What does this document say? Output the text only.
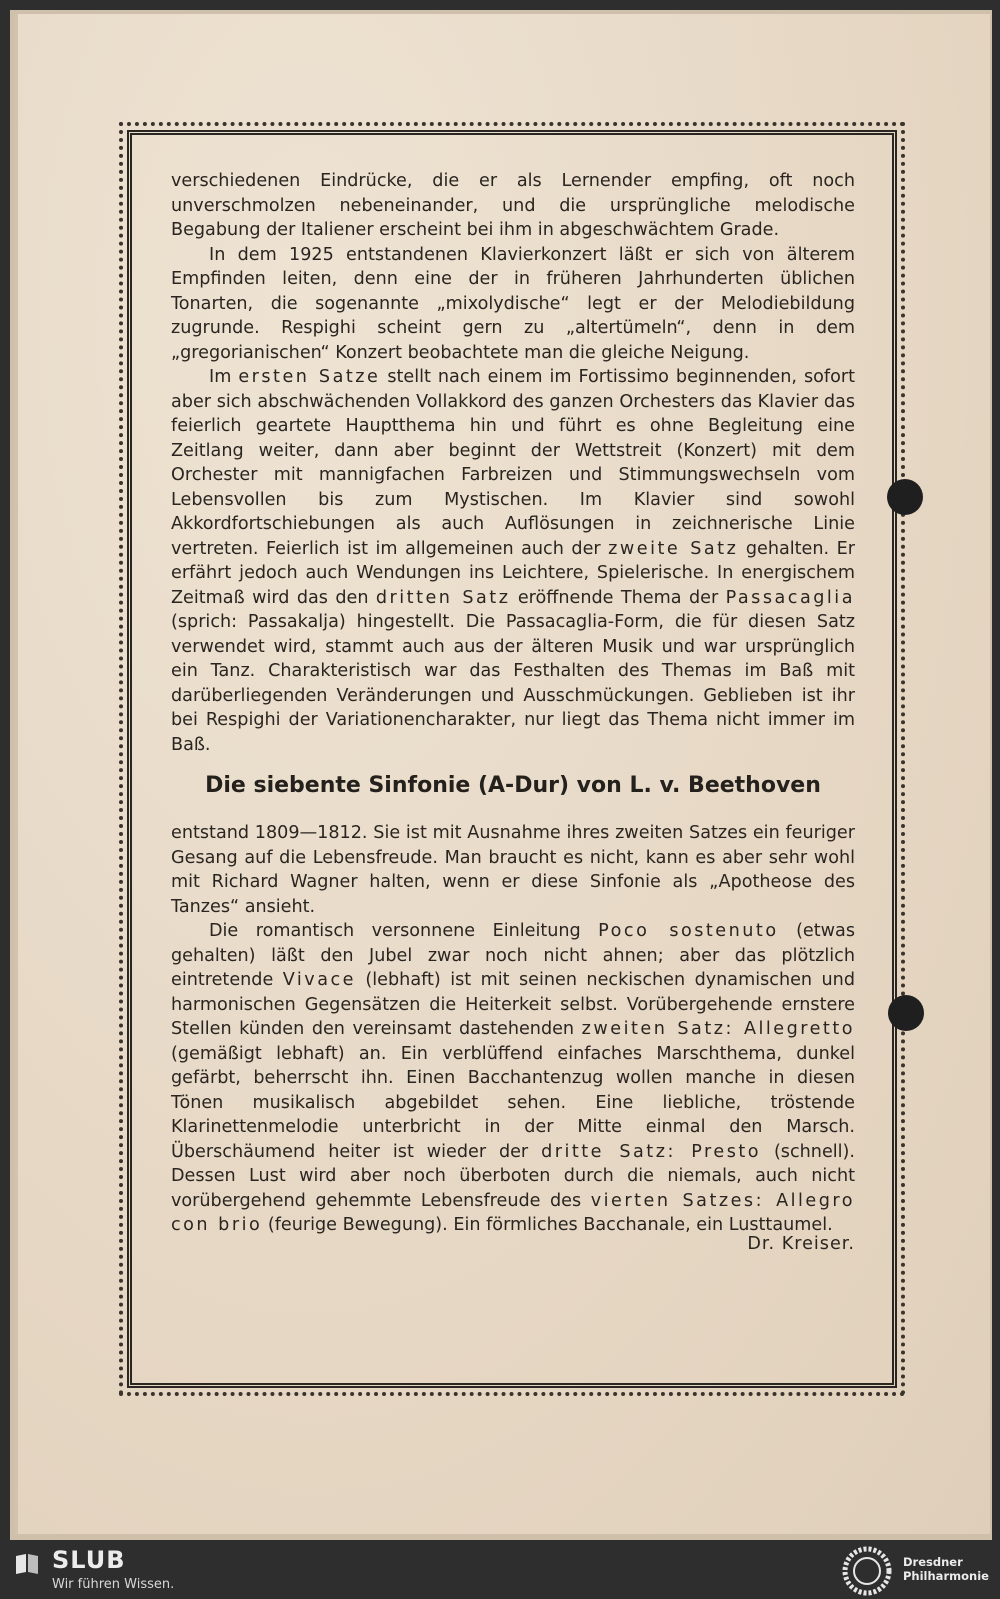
verschiedenen Eindrücke, die er als Lernender empfing, oft noch unverschmolzen nebeneinander, und die ursprüngliche melodische Begabung der Italiener erscheint bei ihm in abgeschwächtem Grade.

In dem 1925 entstandenen Klavierkonzert läßt er sich von älterem Empfinden leiten, denn eine der in früheren Jahrhunderten üblichen Tonarten, die sogenannte „mixolydische“ legt er der Melodiebildung zugrunde. Respighi scheint gern zu „altertümeln“, denn in dem „gregorianischen“ Konzert beobachtete man die gleiche Neigung.

Im ersten Satze stellt nach einem im Fortissimo beginnenden, sofort aber sich abschwächenden Vollakkord des ganzen Orchesters das Klavier das feierlich geartete Hauptthema hin und führt es ohne Begleitung eine Zeitlang weiter, dann aber beginnt der Wettstreit (Konzert) mit dem Orchester mit mannigfachen Farbreizen und Stimmungswechseln vom Lebensvollen bis zum Mystischen. Im Klavier sind sowohl Akkordfortschiebungen als auch Auflösungen in zeichnerische Linie vertreten. Feierlich ist im allgemeinen auch der zweite Satz gehalten. Er erfährt jedoch auch Wendungen ins Leichtere, Spielerische. In energischem Zeitmaß wird das den dritten Satz eröffnende Thema der Passacaglia (sprich: Passakalja) hingestellt. Die Passacaglia-Form, die für diesen Satz verwendet wird, stammt auch aus der älteren Musik und war ursprünglich ein Tanz. Charakteristisch war das Festhalten des Themas im Baß mit darüberliegenden Veränderungen und Ausschmückungen. Geblieben ist ihr bei Respighi der Variationencharakter, nur liegt das Thema nicht immer im Baß.

Die siebente Sinfonie (A-Dur) von L. v. Beethoven

entstand 1809—1812. Sie ist mit Ausnahme ihres zweiten Satzes ein feuriger Gesang auf die Lebensfreude. Man braucht es nicht, kann es aber sehr wohl mit Richard Wagner halten, wenn er diese Sinfonie als „Apotheose des Tanzes“ ansieht.

Die romantisch versonnene Einleitung Poco sostenuto (etwas gehalten) läßt den Jubel zwar noch nicht ahnen; aber das plötzlich eintretende Vivace (lebhaft) ist mit seinen neckischen dynamischen und harmonischen Gegensätzen die Heiterkeit selbst. Vorübergehende ernstere Stellen künden den vereinsamt dastehenden zweiten Satz: Allegretto (gemäßigt lebhaft) an. Ein verblüffend einfaches Marschthema, dunkel gefärbt, beherrscht ihn. Einen Bacchantenzug wollen manche in diesen Tönen musikalisch abgebildet sehen. Eine liebliche, tröstende Klarinettenmelodie unterbricht in der Mitte einmal den Marsch. Überschäumend heiter ist wieder der dritte Satz: Presto (schnell). Dessen Lust wird aber noch überboten durch die niemals, auch nicht vorübergehend gehemmte Lebensfreude des vierten Satzes: Allegro con brio (feurige Bewegung). Ein förmliches Bacchanale, ein Lusttaumel.

Dr. Kreiser.
SLUB
Wir führen Wissen.
Dresdner
Philharmonie
